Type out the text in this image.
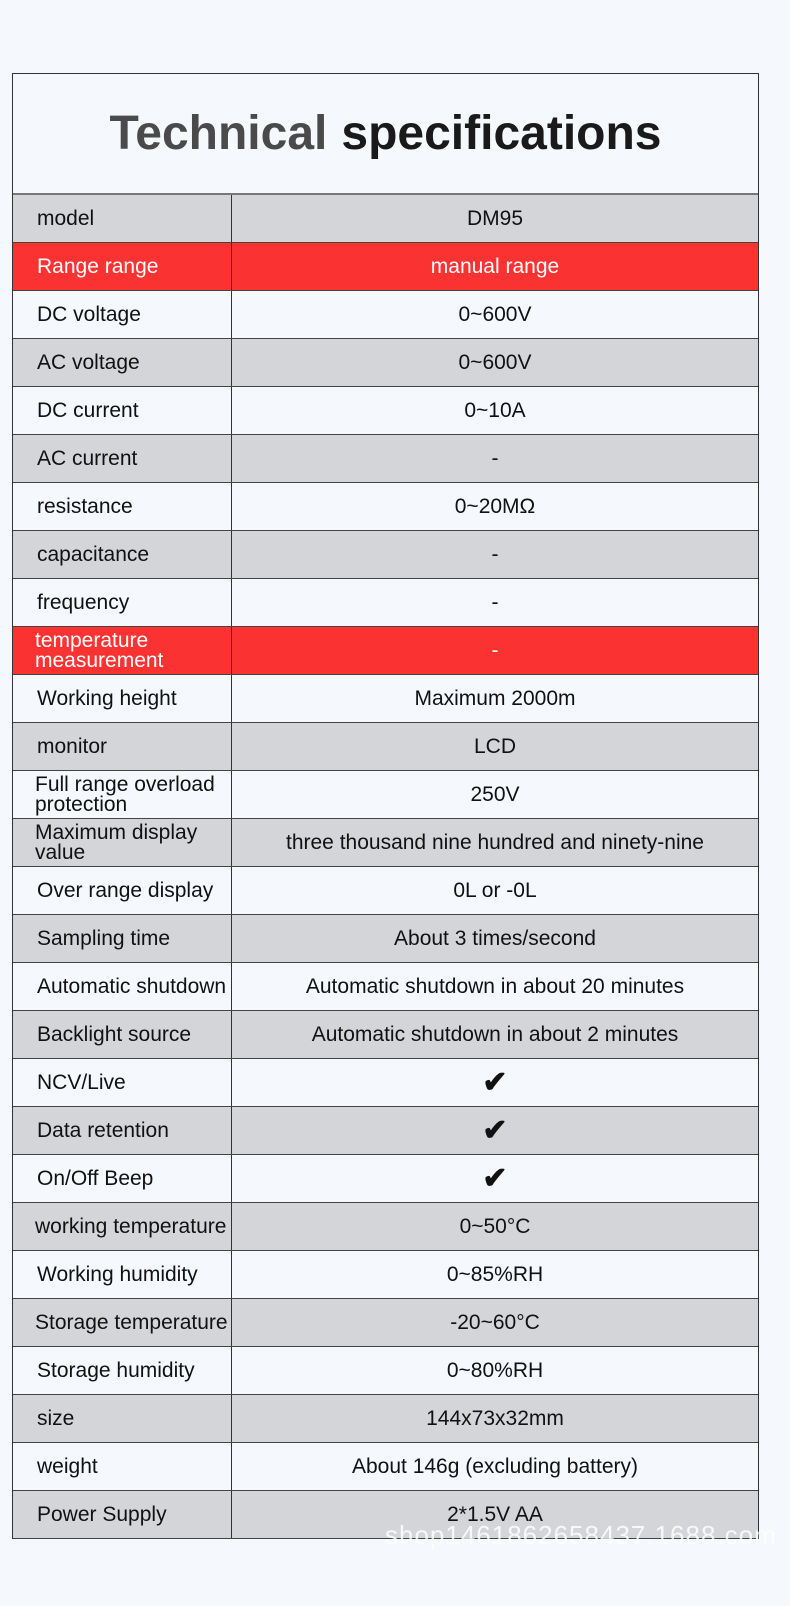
Technical specifications
model	DM95
Range range	manual range
DC voltage	0~600V
AC voltage	0~600V
DC current	0~10A
AC current	-
resistance	0~20MΩ
capacitance	-
frequency	-
temperature measurement	-
Working height	Maximum 2000m
monitor	LCD
Full range overload protection	250V
Maximum display value	three thousand nine hundred and ninety-nine
Over range display	0L or -0L
Sampling time	About 3 times/second
Automatic shutdown	Automatic shutdown in about 20 minutes
Backlight source	Automatic shutdown in about 2 minutes
NCV/Live	✔
Data retention	✔
On/Off Beep	✔
working temperature	0~50°C
Working humidity	0~85%RH
Storage temperature	-20~60°C
Storage humidity	0~80%RH
size	144x73x32mm
weight	About 146g (excluding battery)
Power Supply	2*1.5V AA
shop1461862658437.1688.com
